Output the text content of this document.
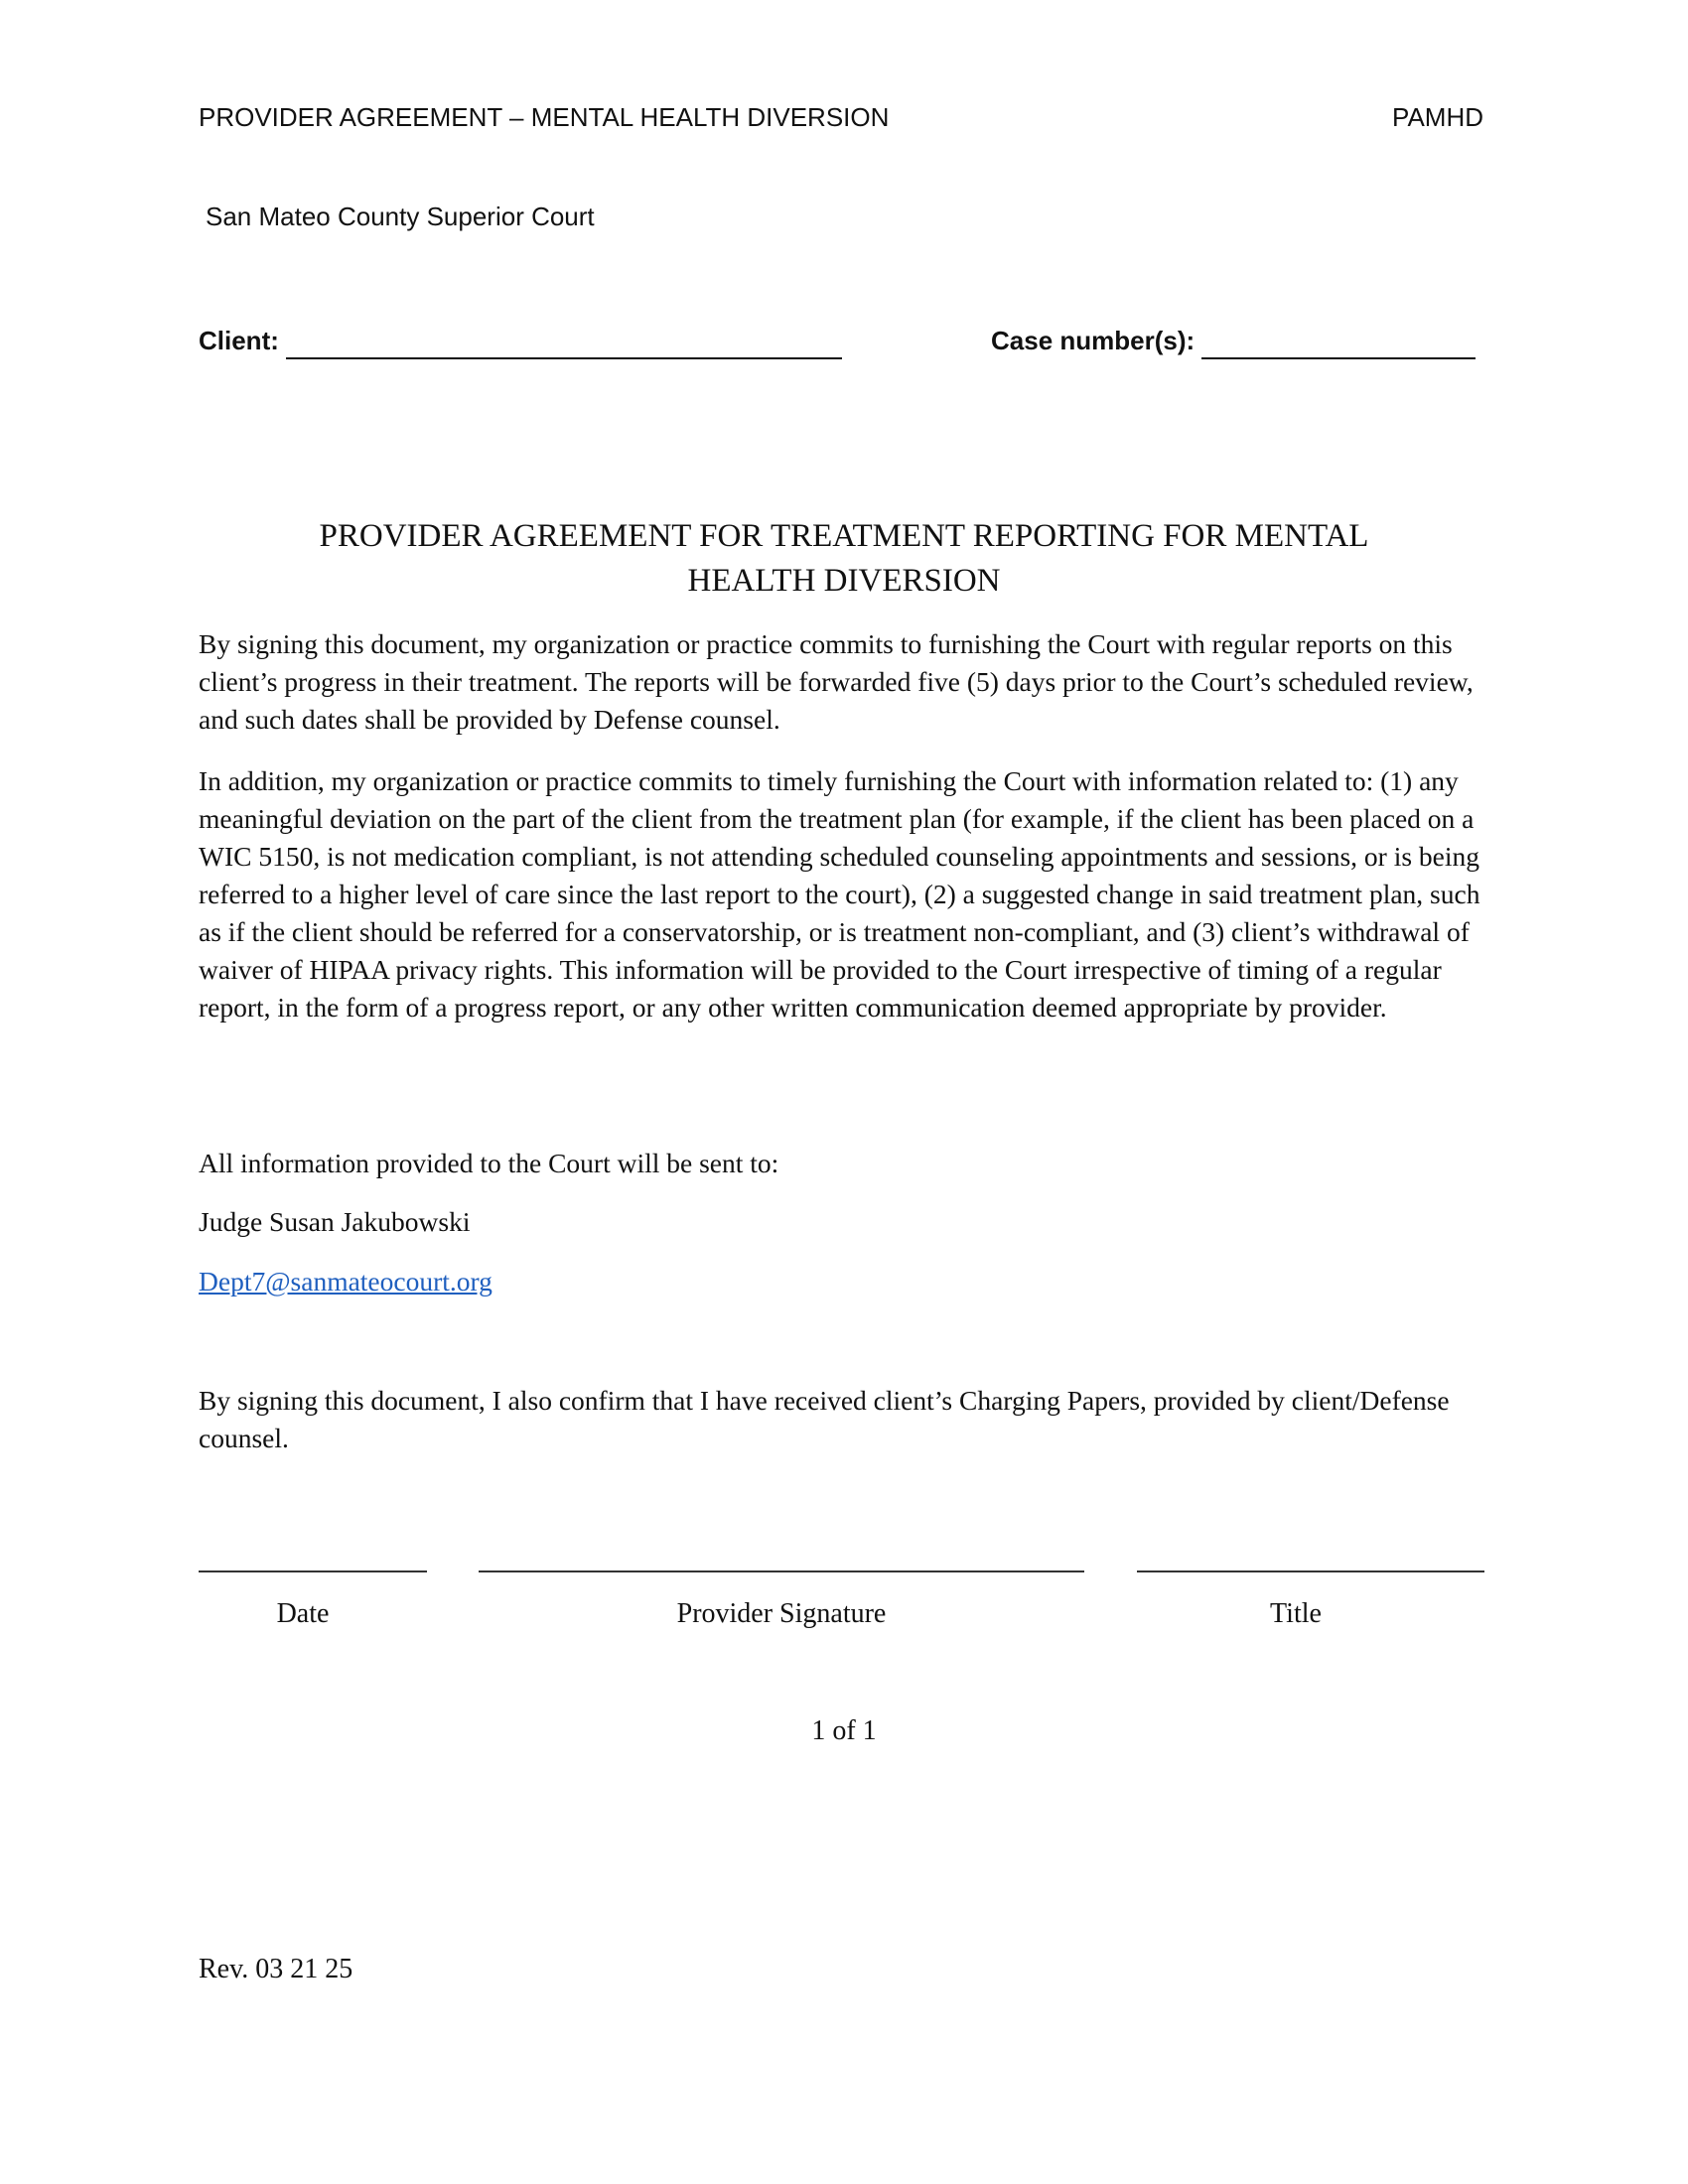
PROVIDER AGREEMENT – MENTAL HEALTH DIVERSION	PAMHD
San Mateo County Superior Court
Client:	Case number(s):
PROVIDER AGREEMENT FOR TREATMENT REPORTING FOR MENTAL
HEALTH DIVERSION
By signing this document, my organization or practice commits to furnishing the Court with regular reports on this client’s progress in their treatment. The reports will be forwarded five (5) days prior to the Court’s scheduled review, and such dates shall be provided by Defense counsel.
In addition, my organization or practice commits to timely furnishing the Court with information related to: (1) any meaningful deviation on the part of the client from the treatment plan (for example, if the client has been placed on a WIC 5150, is not medication compliant, is not attending scheduled counseling appointments and sessions, or is being referred to a higher level of care since the last report to the court), (2) a suggested change in said treatment plan, such as if the client should be referred for a conservatorship, or is treatment non-compliant, and (3) client’s withdrawal of waiver of HIPAA privacy rights. This information will be provided to the Court irrespective of timing of a regular report, in the form of a progress report, or any other written communication deemed appropriate by provider.
All information provided to the Court will be sent to:
Judge Susan Jakubowski
Dept7@sanmateocourt.org
By signing this document, I also confirm that I have received client’s Charging Papers, provided by client/Defense counsel.
Date	Provider Signature	Title
1 of 1
Rev. 03 21 25
